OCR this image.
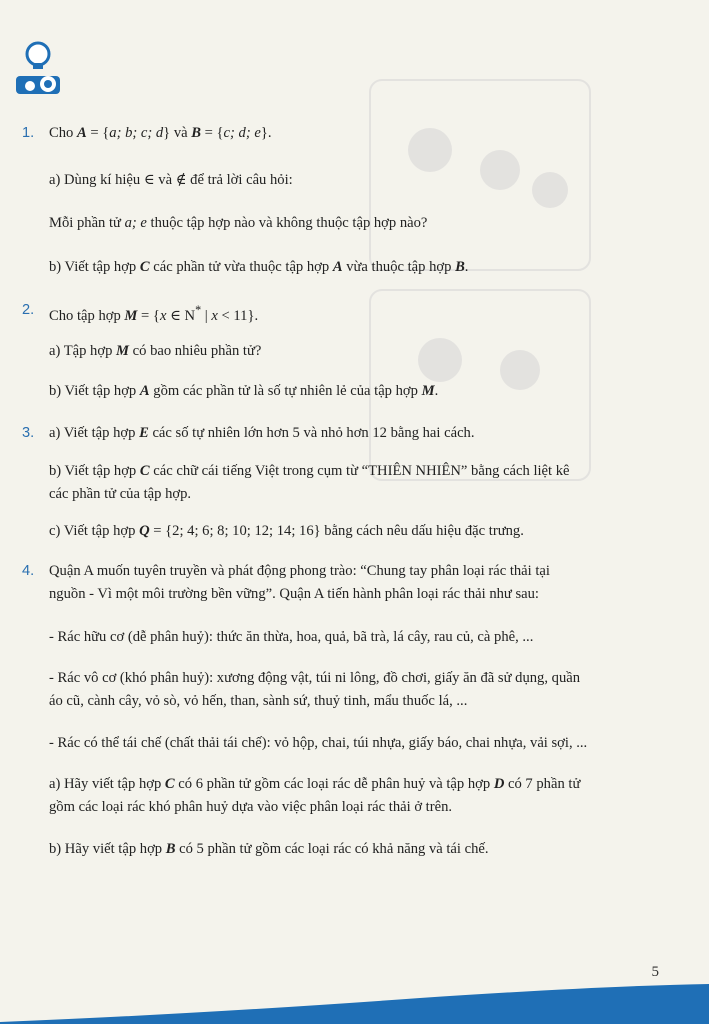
1. Cho A = {a; b; c; d} và B = {c; d; e}.
a) Dùng kí hiệu ∈ và ∉ để trả lời câu hỏi:
Mỗi phần tử a; e thuộc tập hợp nào và không thuộc tập hợp nào?
b) Viết tập hợp C các phần tử vừa thuộc tập hợp A vừa thuộc tập hợp B.
2. Cho tập hợp M = {x ∈ N* | x < 11}.
a) Tập hợp M có bao nhiêu phần tử?
b) Viết tập hợp A gồm các phần tử là số tự nhiên lẻ của tập hợp M.
3. a) Viết tập hợp E các số tự nhiên lớn hơn 5 và nhỏ hơn 12 bằng hai cách.
b) Viết tập hợp C các chữ cái tiếng Việt trong cụm từ “THIÊN NHIÊN” bằng cách liệt kê
các phần tử của tập hợp.
c) Viết tập hợp Q = {2; 4; 6; 8; 10; 12; 14; 16} bằng cách nêu dấu hiệu đặc trưng.
4. Quận A muốn tuyên truyền và phát động phong trào: “Chung tay phân loại rác thải tại
nguồn - Vì một môi trường bền vững”. Quận A tiến hành phân loại rác thải như sau:
- Rác hữu cơ (dễ phân huỷ): thức ăn thừa, hoa, quả, bã trà, lá cây, rau củ, cà phê, ...
- Rác vô cơ (khó phân huỷ): xương động vật, túi ni lông, đồ chơi, giấy ăn đã sử dụng, quần
áo cũ, cành cây, vỏ sò, vỏ hến, than, sành sứ, thuỷ tinh, mẩu thuốc lá, ...
- Rác có thể tái chế (chất thải tái chế): vỏ hộp, chai, túi nhựa, giấy báo, chai nhựa, vải sợi, ...
a) Hãy viết tập hợp C có 6 phần tử gồm các loại rác dễ phân huỷ và tập hợp D có 7 phần tử
gồm các loại rác khó phân huỷ dựa vào việc phân loại rác thải ở trên.
b) Hãy viết tập hợp B có 5 phần tử gồm các loại rác có khả năng và tái chế.
5
